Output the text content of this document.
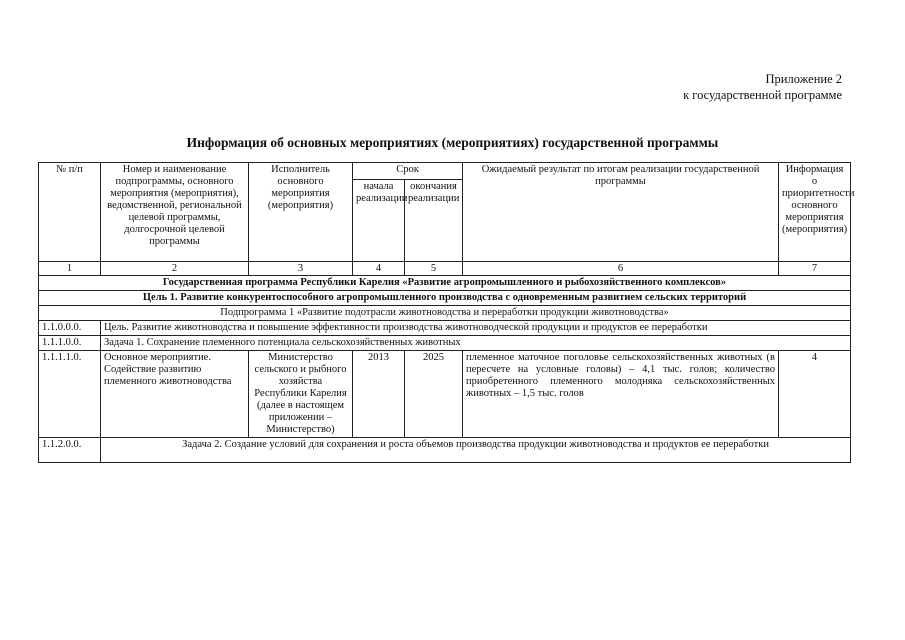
Приложение 2
к государственной программе
Информация об основных мероприятиях (мероприятиях) государственной программы
№ п/п	Номер и наименование подпрограммы, основного мероприятия (мероприятия), ведомственной, региональной целевой программы, долгосрочной целевой программы	Исполнитель основного мероприятия (мероприятия)	Срок		Ожидаемый результат по итогам реализации государственной программы	Информация о приоритетности основного мероприятия (мероприятия)
			начала реализации	окончания реализации		
1	2	3	4	5	6	7
Государственная программа Республики Карелия «Развитие агропромышленного и рыбохозяйственного комплексов»						
Цель 1. Развитие конкурентоспособного агропромышленного производства с одновременным развитием сельских территорий						
Подпрограмма 1 «Развитие подотрасли животноводства и переработки продукции животноводства»						
1.1.0.0.0.	Цель. Развитие животноводства и повышение эффективности производства животноводческой продукции и продуктов ее переработки					
1.1.1.0.0.	Задача 1. Сохранение племенного потенциала сельскохозяйственных животных					
1.1.1.1.0.	Основное мероприятие. Содействие развитию племенного животноводства	Министерство сельского и рыбного хозяйства Республики Карелия (далее в настоящем приложении – Министерство)	2013	2025	племенное маточное поголовье сельскохозяйственных животных (в пересчете на условные головы) – 4,1 тыс. голов; количество приобретенного племенного молодняка сельскохозяйственных животных – 1,5 тыс. голов	4
1.1.2.0.0.	Задача 2. Создание условий для сохранения и роста объемов производства продукции животноводства и продуктов ее переработки					
